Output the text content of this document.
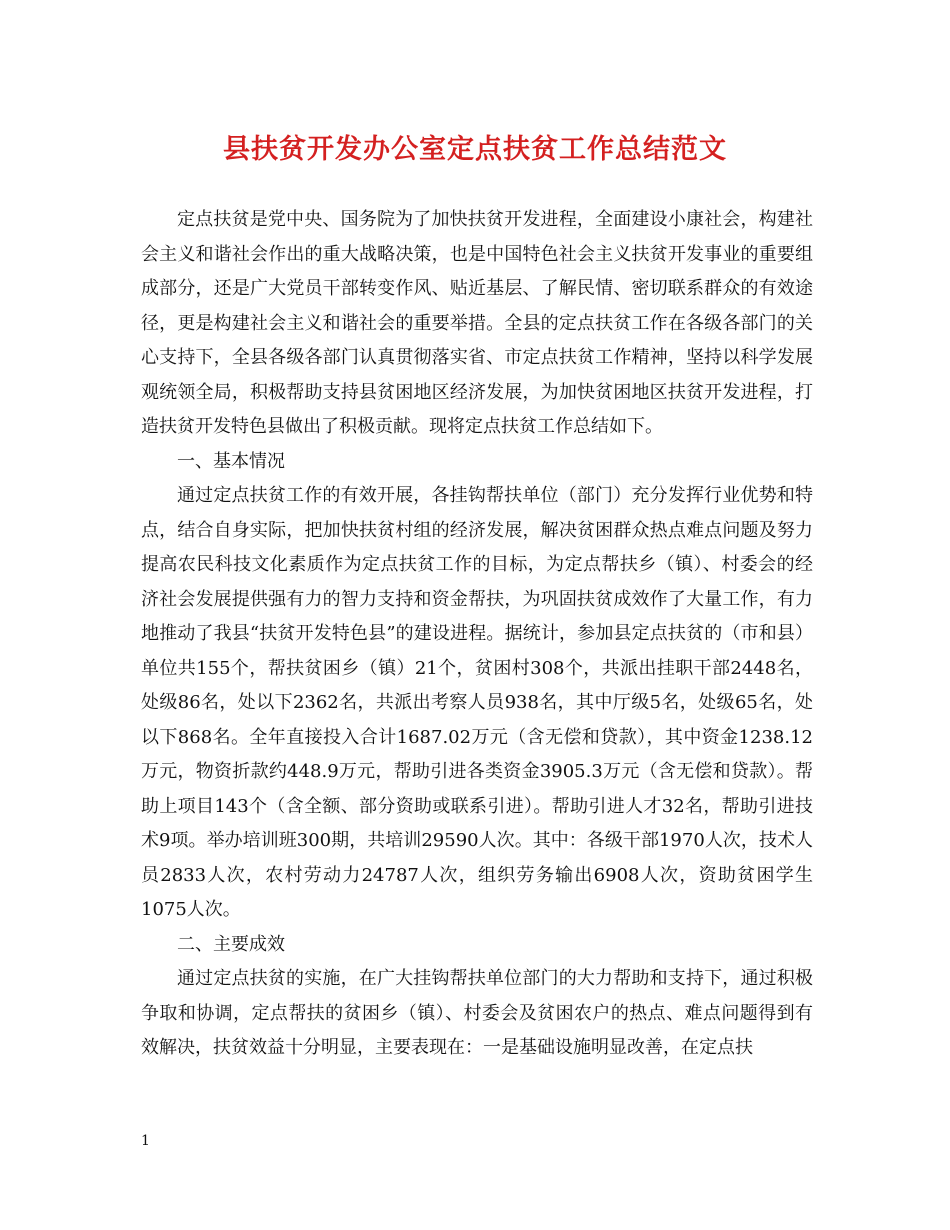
县扶贫开发办公室定点扶贫工作总结范文

定点扶贫是党中央、国务院为了加快扶贫开发进程，全面建设小康社会，构建社会主义和谐社会作出的重大战略决策，也是中国特色社会主义扶贫开发事业的重要组成部分，还是广大党员干部转变作风、贴近基层、了解民情、密切联系群众的有效途径，更是构建社会主义和谐社会的重要举措。全县的定点扶贫工作在各级各部门的关心支持下，全县各级各部门认真贯彻落实省、市定点扶贫工作精神，坚持以科学发展观统领全局，积极帮助支持县贫困地区经济发展，为加快贫困地区扶贫开发进程，打造扶贫开发特色县做出了积极贡献。现将定点扶贫工作总结如下。

一、基本情况

通过定点扶贫工作的有效开展，各挂钩帮扶单位（部门）充分发挥行业优势和特点，结合自身实际，把加快扶贫村组的经济发展，解决贫困群众热点难点问题及努力提高农民科技文化素质作为定点扶贫工作的目标，为定点帮扶乡（镇）、村委会的经济社会发展提供强有力的智力支持和资金帮扶，为巩固扶贫成效作了大量工作，有力地推动了我县“扶贫开发特色县”的建设进程。据统计，参加县定点扶贫的（市和县）单位共155个，帮扶贫困乡（镇）21个，贫困村308个，共派出挂职干部2448名，处级86名，处以下2362名，共派出考察人员938名，其中厅级5名，处级65名，处以下868名。全年直接投入合计1687.02万元（含无偿和贷款），其中资金1238.12万元，物资折款约448.9万元，帮助引进各类资金3905.3万元（含无偿和贷款）。帮助上项目143个（含全额、部分资助或联系引进）。帮助引进人才32名，帮助引进技术9项。举办培训班300期，共培训29590人次。其中：各级干部1970人次，技术人员2833人次，农村劳动力24787人次，组织劳务输出6908人次，资助贫困学生1075人次。

二、主要成效

通过定点扶贫的实施，在广大挂钩帮扶单位部门的大力帮助和支持下，通过积极争取和协调，定点帮扶的贫困乡（镇）、村委会及贫困农户的热点、难点问题得到有效解决，扶贫效益十分明显，主要表现在：一是基础设施明显改善，在定点扶

1
